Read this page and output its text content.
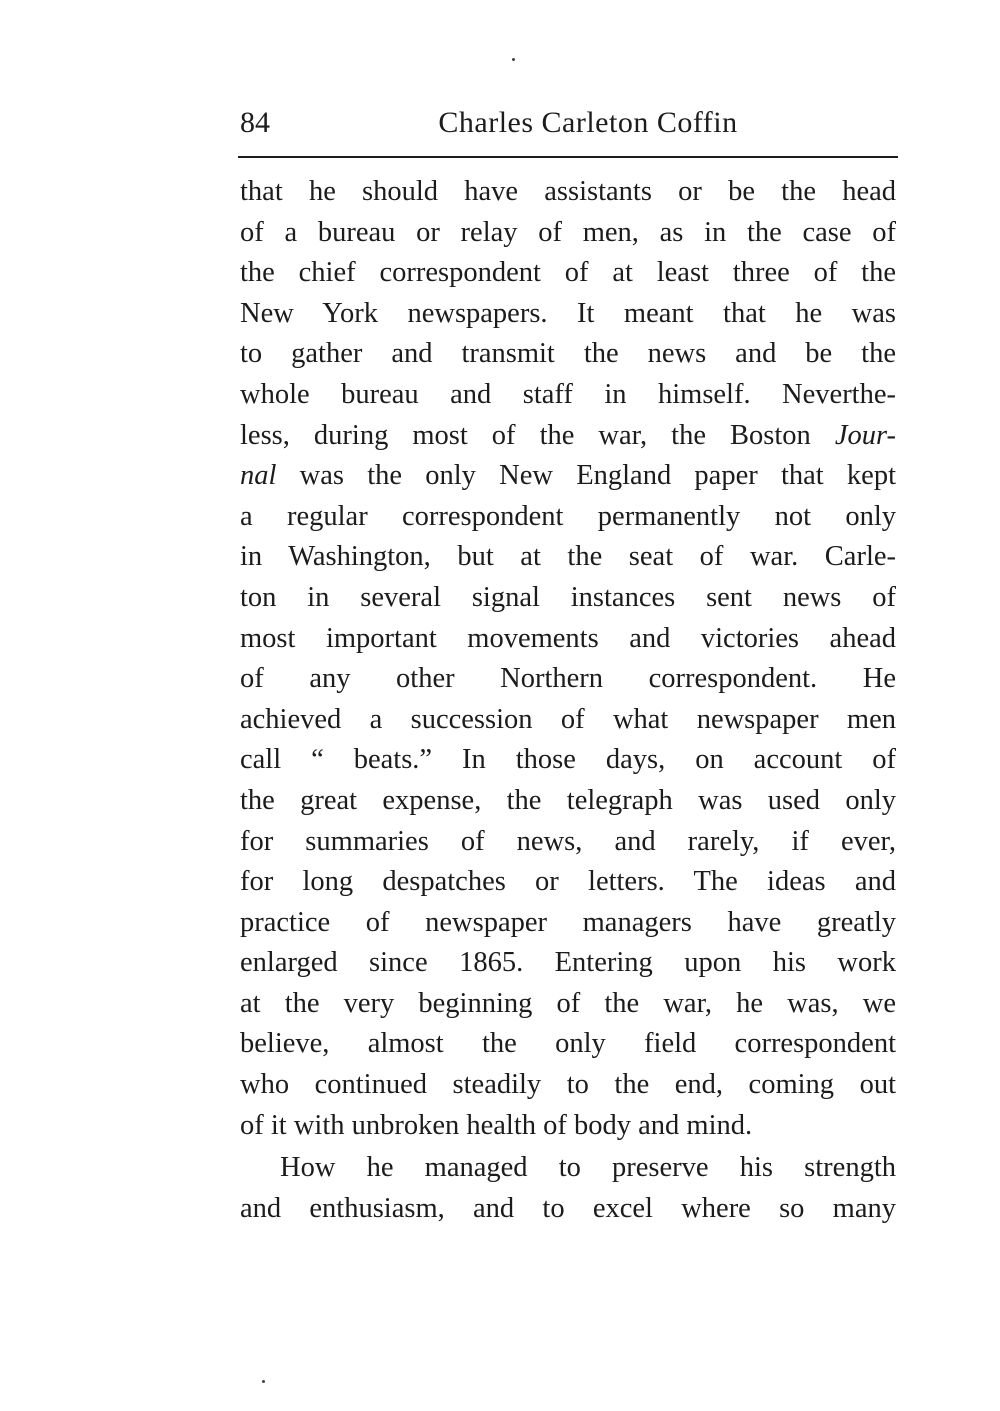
84	Charles Carleton Coffin
that he should have assistants or be the head
of a bureau or relay of men, as in the case of
the chief correspondent of at least three of the
New York newspapers. It meant that he was
to gather and transmit the news and be the
whole bureau and staff in himself. Neverthe-
less, during most of the war, the Boston Jour-
nal was the only New England paper that kept
a regular correspondent permanently not only
in Washington, but at the seat of war. Carle-
ton in several signal instances sent news of
most important movements and victories ahead
of any other Northern correspondent. He
achieved a succession of what newspaper men
call “ beats.” In those days, on account of
the great expense, the telegraph was used only
for summaries of news, and rarely, if ever,
for long despatches or letters. The ideas and
practice of newspaper managers have greatly
enlarged since 1865. Entering upon his work
at the very beginning of the war, he was, we
believe, almost the only field correspondent
who continued steadily to the end, coming out
of it with unbroken health of body and mind.
How he managed to preserve his strength
and enthusiasm, and to excel where so many
